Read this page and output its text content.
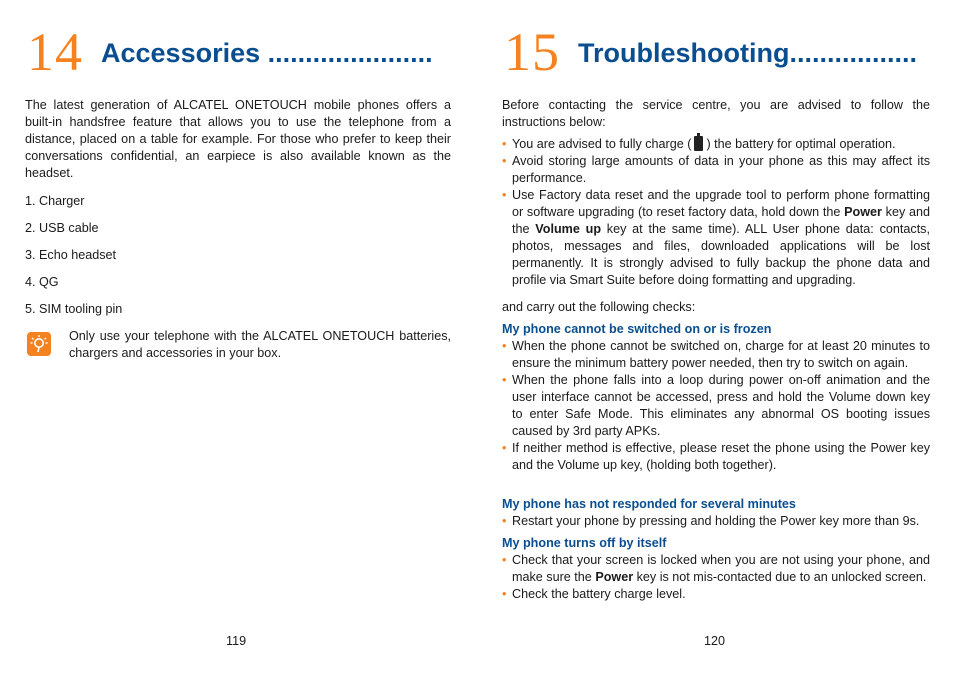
14 Accessories ......................
The latest generation of ALCATEL ONETOUCH mobile phones offers a built-in handsfree feature that allows you to use the telephone from a distance, placed on a table for example. For those who prefer to keep their conversations confidential, an earpiece is also available known as the headset.
1. Charger
2. USB cable
3. Echo headset
4. QG
5. SIM tooling pin
Only use your telephone with the ALCATEL ONETOUCH batteries, chargers and accessories in your box.
119
15 Troubleshooting.................
Before contacting the service centre, you are advised to follow the instructions below:
• You are advised to fully charge ( ) the battery for optimal operation.
• Avoid storing large amounts of data in your phone as this may affect its performance.
• Use Factory data reset and the upgrade tool to perform phone formatting or software upgrading (to reset factory data, hold down the Power key and the Volume up key at the same time). ALL User phone data: contacts, photos, messages and files, downloaded applications will be lost permanently. It is strongly advised to fully backup the phone data and profile via Smart Suite before doing formatting and upgrading.
and carry out the following checks:
My phone cannot be switched on or is frozen
• When the phone cannot be switched on, charge for at least 20 minutes to ensure the minimum battery power needed, then try to switch on again.
• When the phone falls into a loop during power on-off animation and the user interface cannot be accessed, press and hold the Volume down key to enter Safe Mode. This eliminates any abnormal OS booting issues caused by 3rd party APKs.
• If neither method is effective, please reset the phone using the Power key and the Volume up key, (holding both together).
My phone has not responded for several minutes
• Restart your phone by pressing and holding the Power key more than 9s.
My phone turns off by itself
• Check that your screen is locked when you are not using your phone, and make sure the Power key is not mis-contacted due to an unlocked screen.
• Check the battery charge level.
120
